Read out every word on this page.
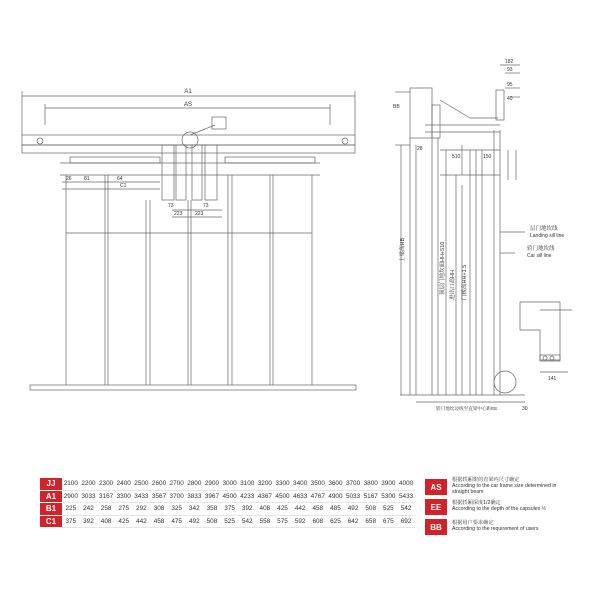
A1
AS
26 81	64
C1
73	73
223	223
182
93
95
40
BB
28
510	150
30
141
层门地坎线
Landing sill line
轿门地坎线
Car sill line
轿门地坎边线至直梁中心距EE
上梁高HB	顶层门地坎面HH+510 进出口高HH	门板高HH+1.5
JJ	2100	2200	2300	2400	2500	2600	2700	2800	2900	3000	3100	3200	3300	3400	3500	3600	3700	3800	3900	4000
A1	2900	3033	3167	3300	3433	3567	3700	3833	3967	4500	4233	4367	4500	4633	4767	4900	5033	5167	5300	5433
B1	225	242	258	275	292	308	325	342	358	375	392	408	425	442	458	485	492	508	525	542
C1	375	392	408	425	442	458	475	492	508	525	542	558	575	592	608	625	642	658	675	692
AS
根据轿厢架的直梁内尺寸确定
According to the car frame size determined in
straight beam
EE	根据轿厢深度1/2确定
According to the depth of the capsules ½
BB	根据用户要求确定
According to the requirement of users
